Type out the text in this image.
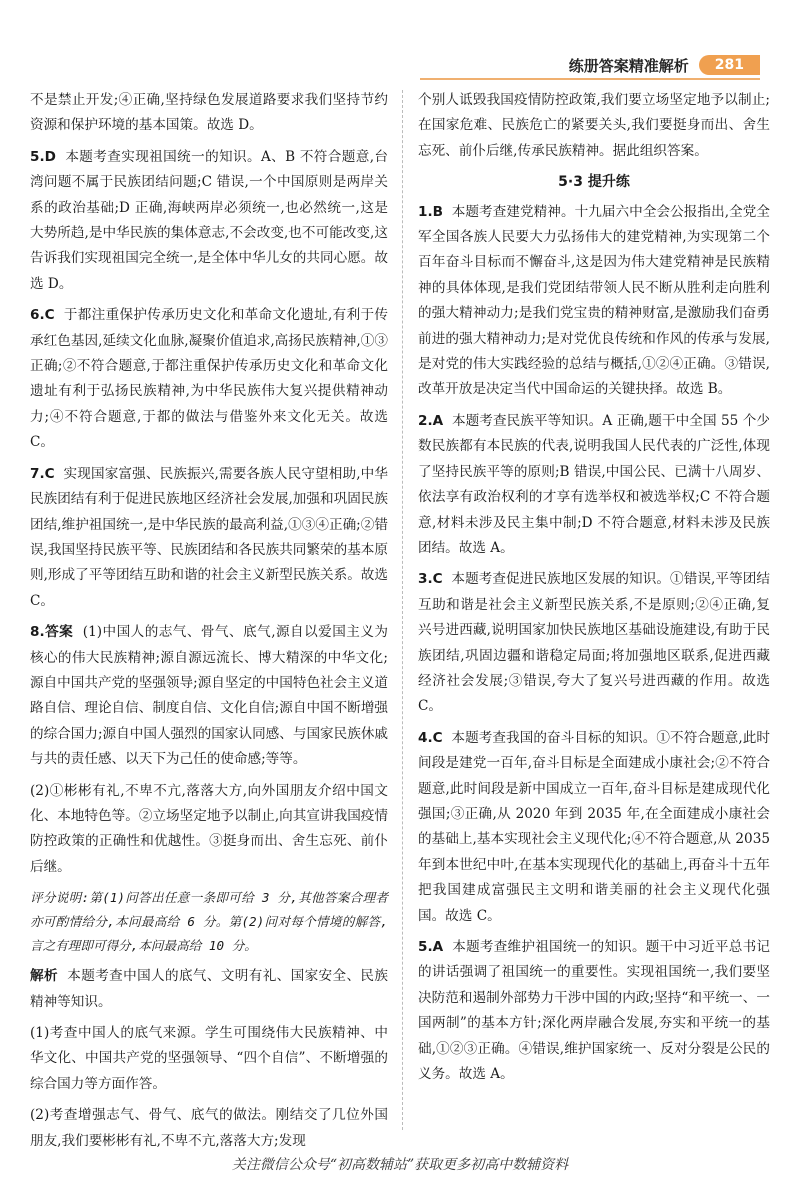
练册答案精准解析	281

不是禁止开发;④正确,坚持绿色发展道路要求我们坚持节约资源和保护环境的基本国策。故选 D。

5.D 本题考查实现祖国统一的知识。A、B 不符合题意,台湾问题不属于民族团结问题;C 错误,一个中国原则是两岸关系的政治基础;D 正确,海峡两岸必须统一,也必然统一,这是大势所趋,是中华民族的集体意志,不会改变,也不可能改变,这告诉我们实现祖国完全统一,是全体中华儿女的共同心愿。故选 D。

6.C 于都注重保护传承历史文化和革命文化遗址,有利于传承红色基因,延续文化血脉,凝聚价值追求,高扬民族精神,①③正确;②不符合题意,于都注重保护传承历史文化和革命文化遗址有利于弘扬民族精神,为中华民族伟大复兴提供精神动力;④不符合题意,于都的做法与借鉴外来文化无关。故选 C。

7.C 实现国家富强、民族振兴,需要各族人民守望相助,中华民族团结有利于促进民族地区经济社会发展,加强和巩固民族团结,维护祖国统一,是中华民族的最高利益,①③④正确;②错误,我国坚持民族平等、民族团结和各民族共同繁荣的基本原则,形成了平等团结互助和谐的社会主义新型民族关系。故选 C。

8.答案 (1)中国人的志气、骨气、底气,源自以爱国主义为核心的伟大民族精神;源自源远流长、博大精深的中华文化;源自中国共产党的坚强领导;源自坚定的中国特色社会主义道路自信、理论自信、制度自信、文化自信;源自中国不断增强的综合国力;源自中国人强烈的国家认同感、与国家民族休戚与共的责任感、以天下为己任的使命感;等等。

(2)①彬彬有礼,不卑不亢,落落大方,向外国朋友介绍中国文化、本地特色等。②立场坚定地予以制止,向其宣讲我国疫情防控政策的正确性和优越性。③挺身而出、舍生忘死、前仆后继。

评分说明:第(1)问答出任意一条即可给 3 分,其他答案合理者亦可酌情给分,本问最高给 6 分。第(2)问对每个情境的解答,言之有理即可得分,本问最高给 10 分。

解析 本题考查中国人的底气、文明有礼、国家安全、民族精神等知识。

(1)考查中国人的底气来源。学生可围绕伟大民族精神、中华文化、中国共产党的坚强领导、“四个自信”、不断增强的综合国力等方面作答。

(2)考查增强志气、骨气、底气的做法。刚结交了几位外国朋友,我们要彬彬有礼,不卑不亢,落落大方;发现

个别人诋毁我国疫情防控政策,我们要立场坚定地予以制止;在国家危难、民族危亡的紧要关头,我们要挺身而出、舍生忘死、前仆后继,传承民族精神。据此组织答案。

5·3 提升练

1.B 本题考查建党精神。十九届六中全会公报指出,全党全军全国各族人民要大力弘扬伟大的建党精神,为实现第二个百年奋斗目标而不懈奋斗,这是因为伟大建党精神是民族精神的具体体现,是我们党团结带领人民不断从胜利走向胜利的强大精神动力;是我们党宝贵的精神财富,是激励我们奋勇前进的强大精神动力;是对党优良传统和作风的传承与发展,是对党的伟大实践经验的总结与概括,①②④正确。③错误,改革开放是决定当代中国命运的关键抉择。故选 B。

2.A 本题考查民族平等知识。A 正确,题干中全国 55 个少数民族都有本民族的代表,说明我国人民代表的广泛性,体现了坚持民族平等的原则;B 错误,中国公民、已满十八周岁、依法享有政治权利的才享有选举权和被选举权;C 不符合题意,材料未涉及民主集中制;D 不符合题意,材料未涉及民族团结。故选 A。

3.C 本题考查促进民族地区发展的知识。①错误,平等团结互助和谐是社会主义新型民族关系,不是原则;②④正确,复兴号进西藏,说明国家加快民族地区基础设施建设,有助于民族团结,巩固边疆和谐稳定局面;将加强地区联系,促进西藏经济社会发展;③错误,夸大了复兴号进西藏的作用。故选 C。

4.C 本题考查我国的奋斗目标的知识。①不符合题意,此时间段是建党一百年,奋斗目标是全面建成小康社会;②不符合题意,此时间段是新中国成立一百年,奋斗目标是建成现代化强国;③正确,从 2020 年到 2035 年,在全面建成小康社会的基础上,基本实现社会主义现代化;④不符合题意,从 2035 年到本世纪中叶,在基本实现现代化的基础上,再奋斗十五年把我国建成富强民主文明和谐美丽的社会主义现代化强国。故选 C。

5.A 本题考查维护祖国统一的知识。题干中习近平总书记的讲话强调了祖国统一的重要性。实现祖国统一,我们要坚决防范和遏制外部势力干涉中国的内政;坚持“和平统一、一国两制”的基本方针;深化两岸融合发展,夯实和平统一的基础,①②③正确。④错误,维护国家统一、反对分裂是公民的义务。故选 A。

关注微信公众号“初高数辅站”获取更多初高中数辅资料
